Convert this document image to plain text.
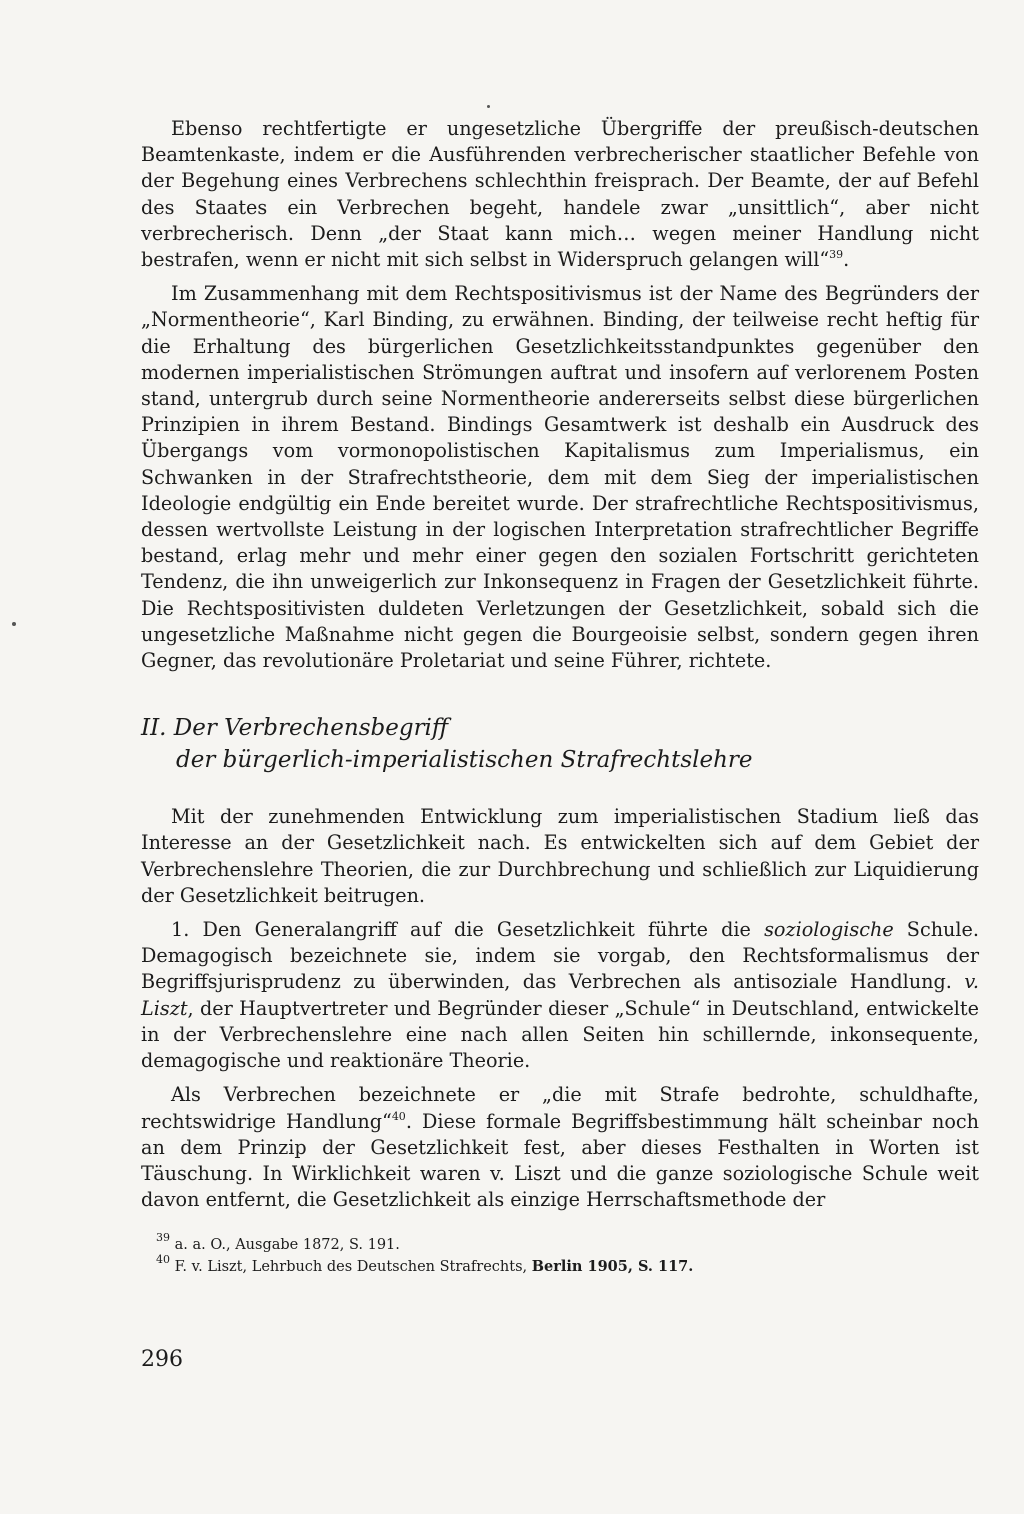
Ebenso rechtfertigte er ungesetzliche Übergriffe der preußisch-deutschen Beamtenkaste, indem er die Ausführenden verbrecherischer staatlicher Befehle von der Begehung eines Verbrechens schlechthin freisprach. Der Beamte, der auf Befehl des Staates ein Verbrechen begeht, handele zwar „unsittlich“, aber nicht verbrecherisch. Denn „der Staat kann mich… wegen meiner Handlung nicht bestrafen, wenn er nicht mit sich selbst in Widerspruch gelangen will“$^{39}$.

Im Zusammenhang mit dem Rechtspositivismus ist der Name des Begründers der „Normentheorie“, Karl Binding, zu erwähnen. Binding, der teilweise recht heftig für die Erhaltung des bürgerlichen Gesetzlichkeitsstandpunktes gegenüber den modernen imperialistischen Strömungen auftrat und insofern auf verlorenem Posten stand, untergrub durch seine Normentheorie andererseits selbst diese bürgerlichen Prinzipien in ihrem Bestand. Bindings Gesamtwerk ist deshalb ein Ausdruck des Übergangs vom vormonopolistischen Kapitalismus zum Imperialismus, ein Schwanken in der Strafrechtstheorie, dem mit dem Sieg der imperialistischen Ideologie endgültig ein Ende bereitet wurde. Der strafrechtliche Rechtspositivismus, dessen wertvollste Leistung in der logischen Interpretation strafrechtlicher Begriffe bestand, erlag mehr und mehr einer gegen den sozialen Fortschritt gerichteten Tendenz, die ihn unweigerlich zur Inkonsequenz in Fragen der Gesetzlichkeit führte. Die Rechtspositivisten duldeten Verletzungen der Gesetzlichkeit, sobald sich die ungesetzliche Maßnahme nicht gegen die Bourgeoisie selbst, sondern gegen ihren Gegner, das revolutionäre Proletariat und seine Führer, richtete.

II. Der Verbrechensbegriff

der bürgerlich-imperialistischen Strafrechtslehre

Mit der zunehmenden Entwicklung zum imperialistischen Stadium ließ das Interesse an der Gesetzlichkeit nach. Es entwickelten sich auf dem Gebiet der Verbrechenslehre Theorien, die zur Durchbrechung und schließlich zur Liquidierung der Gesetzlichkeit beitrugen.

1. Den Generalangriff auf die Gesetzlichkeit führte die soziologische Schule. Demagogisch bezeichnete sie, indem sie vorgab, den Rechtsformalismus der Begriffsjurisprudenz zu überwinden, das Verbrechen als antisoziale Handlung. v. Liszt, der Hauptvertreter und Begründer dieser „Schule“ in Deutschland, entwickelte in der Verbrechenslehre eine nach allen Seiten hin schillernde, inkonsequente, demagogische und reaktionäre Theorie.

Als Verbrechen bezeichnete er „die mit Strafe bedrohte, schuldhafte, rechtswidrige Handlung“$^{40}$. Diese formale Begriffsbestimmung hält scheinbar noch an dem Prinzip der Gesetzlichkeit fest, aber dieses Festhalten in Worten ist Täuschung. In Wirklichkeit waren v. Liszt und die ganze soziologische Schule weit davon entfernt, die Gesetzlichkeit als einzige Herrschaftsmethode der

$^{39}$ a. a. O., Ausgabe 1872, S. 191.

$^{40}$ F. v. Liszt, Lehrbuch des Deutschen Strafrechts, Berlin 1905, S. 117.

296
